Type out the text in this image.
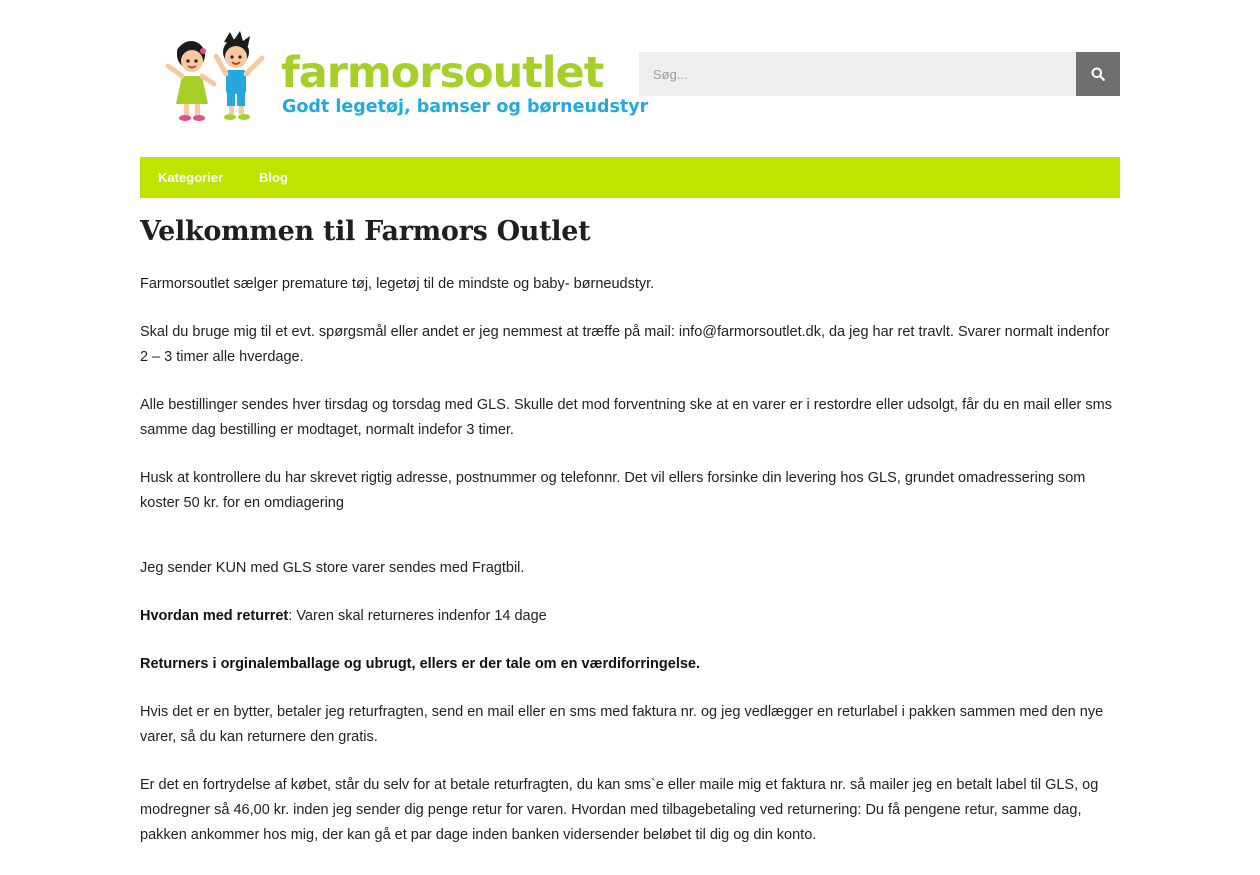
farmorsoutlet
Godt legetøj, bamser og børneudstyr
Søg...
Kategorier	Blog
Velkommen til Farmors Outlet

Farmorsoutlet sælger premature tøj, legetøj til de mindste og baby- børneudstyr.

Skal du bruge mig til et evt. spørgsmål eller andet er jeg nemmest at træffe på mail: info@farmorsoutlet.dk, da jeg har ret travlt. Svarer normalt indenfor 2 – 3 timer alle hverdage.

Alle bestillinger sendes hver tirsdag og torsdag med GLS. Skulle det mod forventning ske at en varer er i restordre eller udsolgt, får du en mail eller sms samme dag bestilling er modtaget, normalt indefor 3 timer.

Husk at kontrollere du har skrevet rigtig adresse, postnummer og telefonnr. Det vil ellers forsinke din levering hos GLS, grundet omadressering som koster 50 kr. for en omdiagering

Jeg sender KUN med GLS store varer sendes med Fragtbil.

Hvordan med returret: Varen skal returneres indenfor 14 dage

Returners i orginalemballage og ubrugt, ellers er der tale om en værdiforringelse.

Hvis det er en bytter, betaler jeg returfragten, send en mail eller en sms med faktura nr. og jeg vedlægger en returlabel i pakken sammen med den nye varer, så du kan returnere den gratis.

Er det en fortrydelse af købet, står du selv for at betale returfragten, du kan sms`e eller maile mig et faktura nr. så mailer jeg en betalt label til GLS, og modregner så 46,00 kr. inden jeg sender dig penge retur for varen. Hvordan med tilbagebetaling ved returnering: Du få pengene retur, samme dag, pakken ankommer hos mig, der kan gå et par dage inden banken vidersender beløbet til dig og din konto.
